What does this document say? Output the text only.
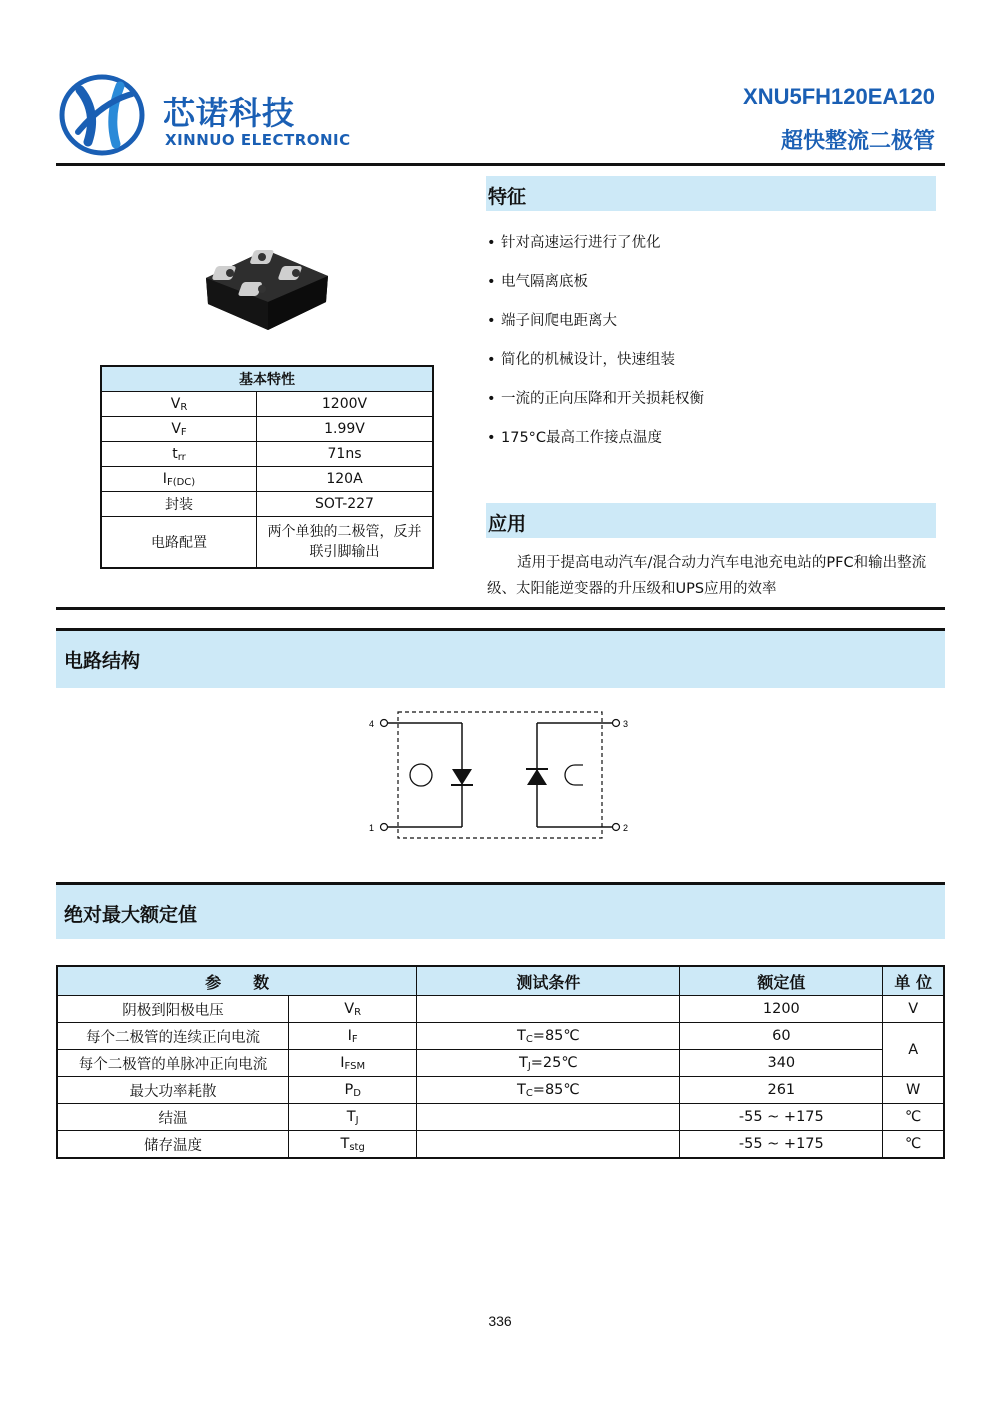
芯诺科技
XINNUO ELECTRONIC
XNU5FH120EA120
超快整流二极管
基本特性	
$V_R$	1200V
$V_F$	1.99V
$t_{rr}$	71ns
$I_{F(DC)}$	120A
封装	SOT-227
电路配置	两个单独的二极管，反并
联引脚输出
特征
• 针对高速运行进行了优化
• 电气隔离底板
• 端子间爬电距离大
• 简化的机械设计，快速组装
• 一流的正向压降和开关损耗权衡
• 175°C最高工作接点温度
应用
适用于提高电动汽车/混合动力汽车电池充电站的PFC和输出整流级、太阳能逆变器的升压级和UPS应用的效率
电路结构
4
1
3
2
绝对最大额定值
参　　数		测试条件	额定值	单 位
阴极到阳极电压	$V_R$		1200	V
每个二极管的连续正向电流	$I_F$	$T_C=85℃$	60	A
每个二极管的单脉冲正向电流	$I_{FSM}$	$T_J=25℃$	340	
最大功率耗散	$P_D$	$T_C=85℃$	261	W
结温	$T_J$		-55 ~ +175	℃
储存温度	$T_{stg}$		-55 ~ +175	℃
336
